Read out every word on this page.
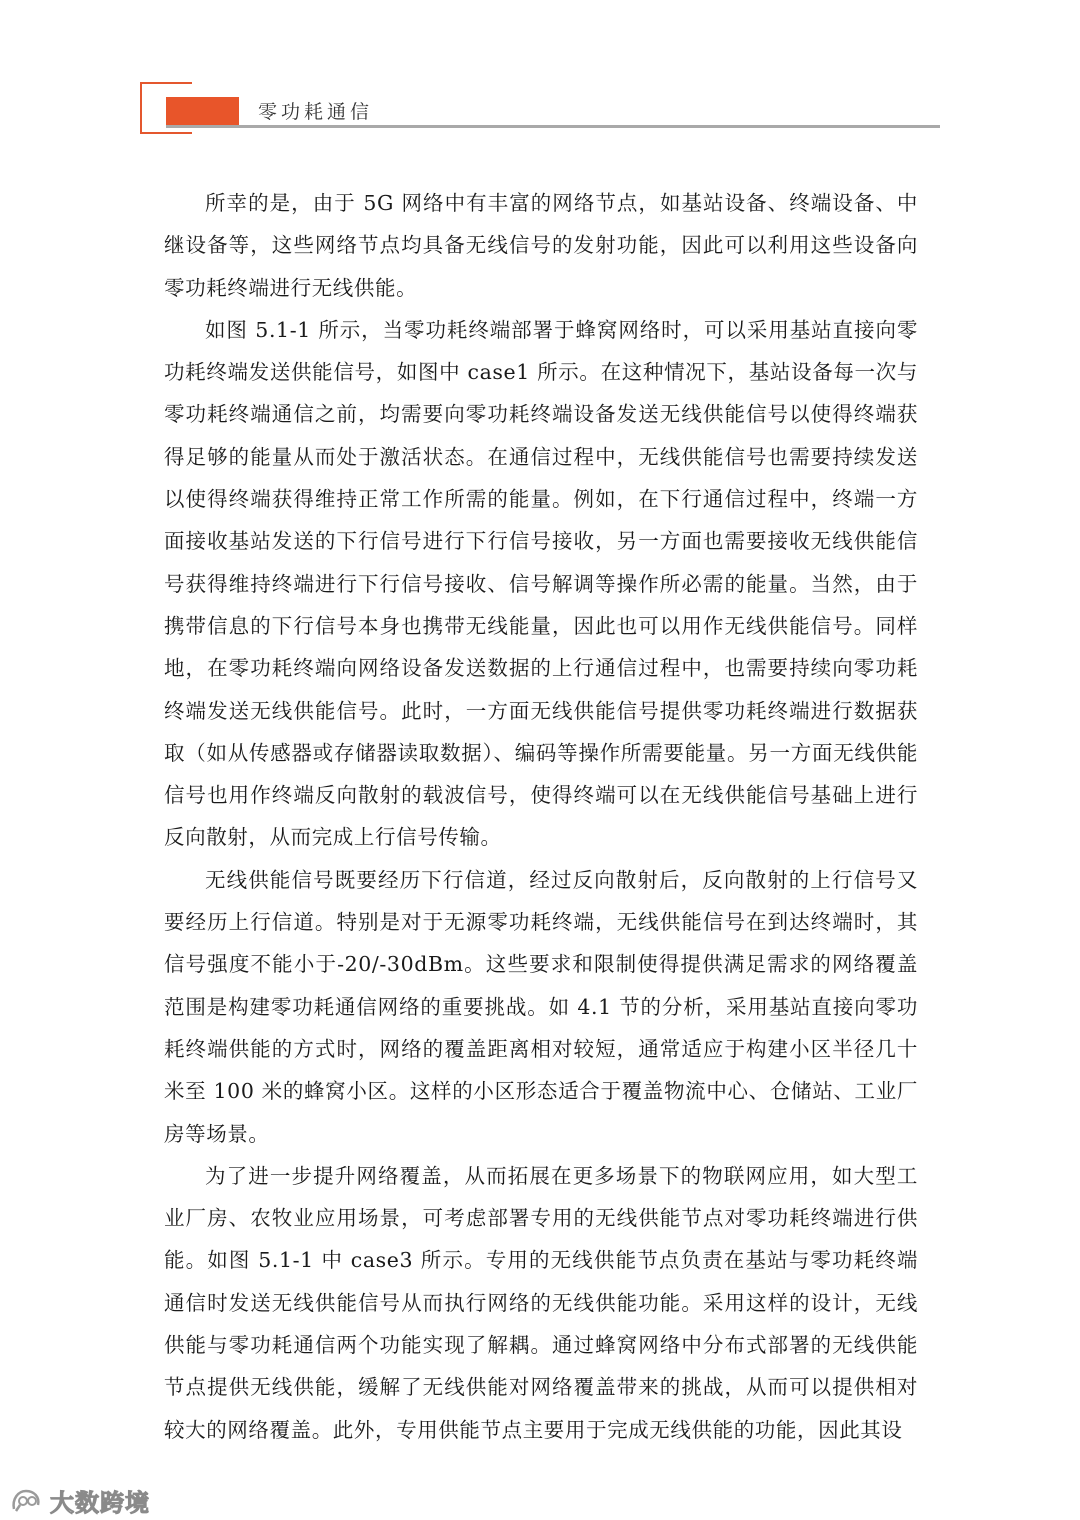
零功耗通信

所幸的是，由于 5G 网络中有丰富的网络节点，如基站设备、终端设备、中继设备等，这些网络节点均具备无线信号的发射功能，因此可以利用这些设备向零功耗终端进行无线供能。

如图 5.1-1 所示，当零功耗终端部署于蜂窝网络时，可以采用基站直接向零功耗终端发送供能信号，如图中 case1 所示。在这种情况下，基站设备每一次与零功耗终端通信之前，均需要向零功耗终端设备发送无线供能信号以使得终端获得足够的能量从而处于激活状态。在通信过程中，无线供能信号也需要持续发送以使得终端获得维持正常工作所需的能量。例如，在下行通信过程中，终端一方面接收基站发送的下行信号进行下行信号接收，另一方面也需要接收无线供能信号获得维持终端进行下行信号接收、信号解调等操作所必需的能量。当然，由于携带信息的下行信号本身也携带无线能量，因此也可以用作无线供能信号。同样地，在零功耗终端向网络设备发送数据的上行通信过程中，也需要持续向零功耗终端发送无线供能信号。此时，一方面无线供能信号提供零功耗终端进行数据获取（如从传感器或存储器读取数据）、编码等操作所需要能量。另一方面无线供能信号也用作终端反向散射的载波信号，使得终端可以在无线供能信号基础上进行反向散射，从而完成上行信号传输。

无线供能信号既要经历下行信道，经过反向散射后，反向散射的上行信号又要经历上行信道。特别是对于无源零功耗终端，无线供能信号在到达终端时，其信号强度不能小于-20/-30dBm。这些要求和限制使得提供满足需求的网络覆盖范围是构建零功耗通信网络的重要挑战。如 4.1 节的分析，采用基站直接向零功耗终端供能的方式时，网络的覆盖距离相对较短，通常适应于构建小区半径几十米至 100 米的蜂窝小区。这样的小区形态适合于覆盖物流中心、仓储站、工业厂房等场景。

为了进一步提升网络覆盖，从而拓展在更多场景下的物联网应用，如大型工业厂房、农牧业应用场景，可考虑部署专用的无线供能节点对零功耗终端进行供能。如图 5.1-1 中 case3 所示。专用的无线供能节点负责在基站与零功耗终端通信时发送无线供能信号从而执行网络的无线供能功能。采用这样的设计，无线供能与零功耗通信两个功能实现了解耦。通过蜂窝网络中分布式部署的无线供能节点提供无线供能，缓解了无线供能对网络覆盖带来的挑战，从而可以提供相对较大的网络覆盖。此外，专用供能节点主要用于完成无线供能的功能，因此其设

大数跨境
